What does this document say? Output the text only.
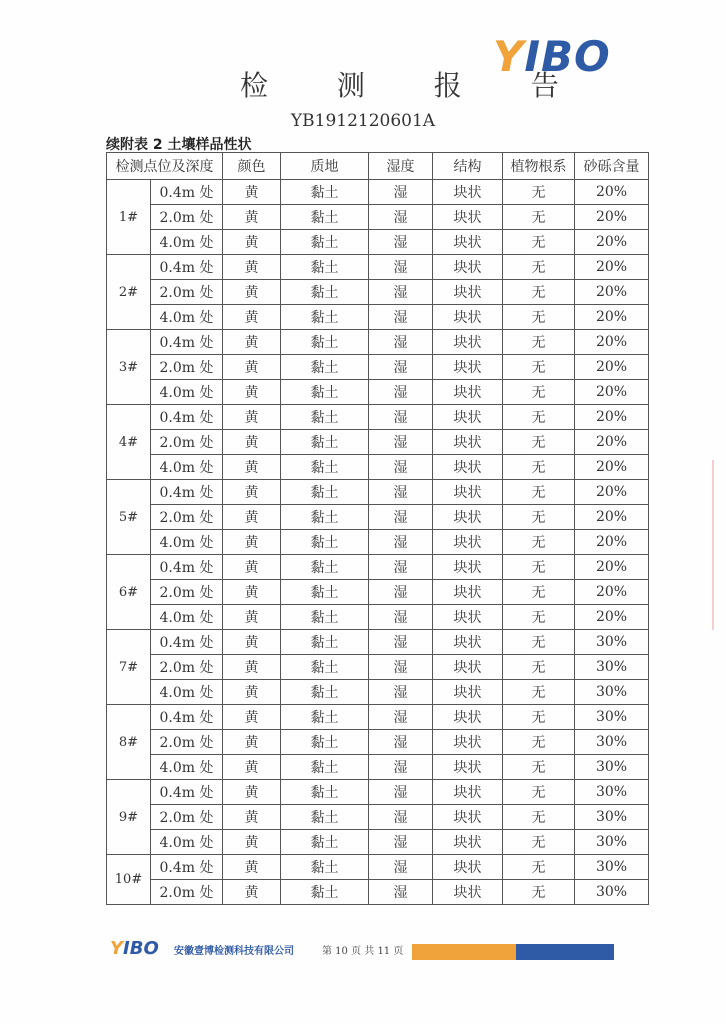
YIBO
检 测 报 告
YB1912120601A
续附表 2 土壤样品性状
检测点位及深度		颜色	质地	湿度	结构	植物根系	砂砾含量
1#	0.4m 处	黄	黏土	湿	块状	无	20%
	2.0m 处	黄	黏土	湿	块状	无	20%
	4.0m 处	黄	黏土	湿	块状	无	20%
2#	0.4m 处	黄	黏土	湿	块状	无	20%
	2.0m 处	黄	黏土	湿	块状	无	20%
	4.0m 处	黄	黏土	湿	块状	无	20%
3#	0.4m 处	黄	黏土	湿	块状	无	20%
	2.0m 处	黄	黏土	湿	块状	无	20%
	4.0m 处	黄	黏土	湿	块状	无	20%
4#	0.4m 处	黄	黏土	湿	块状	无	20%
	2.0m 处	黄	黏土	湿	块状	无	20%
	4.0m 处	黄	黏土	湿	块状	无	20%
5#	0.4m 处	黄	黏土	湿	块状	无	20%
	2.0m 处	黄	黏土	湿	块状	无	20%
	4.0m 处	黄	黏土	湿	块状	无	20%
6#	0.4m 处	黄	黏土	湿	块状	无	20%
	2.0m 处	黄	黏土	湿	块状	无	20%
	4.0m 处	黄	黏土	湿	块状	无	20%
7#	0.4m 处	黄	黏土	湿	块状	无	30%
	2.0m 处	黄	黏土	湿	块状	无	30%
	4.0m 处	黄	黏土	湿	块状	无	30%
8#	0.4m 处	黄	黏土	湿	块状	无	30%
	2.0m 处	黄	黏土	湿	块状	无	30%
	4.0m 处	黄	黏土	湿	块状	无	30%
9#	0.4m 处	黄	黏土	湿	块状	无	30%
	2.0m 处	黄	黏土	湿	块状	无	30%
	4.0m 处	黄	黏土	湿	块状	无	30%
10#	0.4m 处	黄	黏土	湿	块状	无	30%
	2.0m 处	黄	黏土	湿	块状	无	30%
YIBO 安徽壹博检测科技有限公司	第 10 页 共 11 页
